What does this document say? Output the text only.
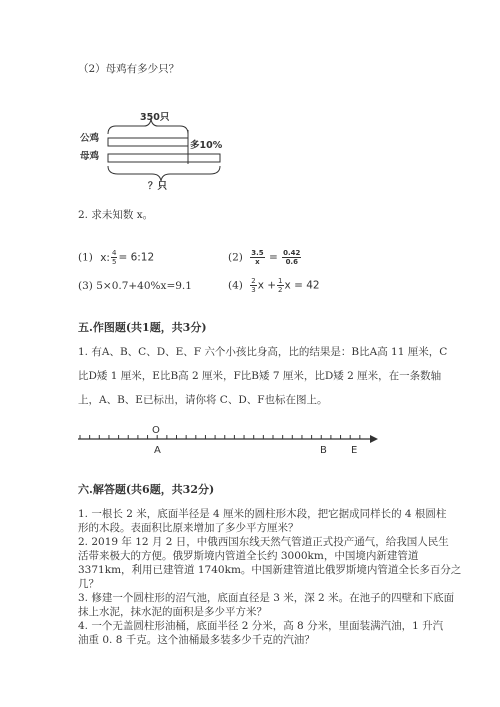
（2）母鸡有多少只？
350只
公鸡
母鸡
多10%
？只
2. 求未知数 x。
(1) x: $\frac{4}{5}$ = 6:12	$(2) \frac{3.5}{x} = \frac{0.42}{0.6}$
(3) 5×0.7+40%x=9.1	$(4) \frac{2}{3}$ $x + \frac{1}{2}$ x = 42
五.作图题(共1题，共3分)
1. 有A、B、C、D、E、F 六个小孩比身高，比的结果是：B比A高 11 厘米，C
比D矮 1 厘米，E比B高 2 厘米，F比B矮 7 厘米，比D矮 2 厘米，在一条数轴
上，A、B、E已标出，请你将 C、D、F也标在图上。
O
A	B E
六.解答题(共6题，共32分)
1. 一根长 2 米，底面半径是 4 厘米的圆柱形木段，把它据成同样长的 4 根圆柱
形的木段。表面积比原来增加了多少平方厘米？
2. 2019 年 12 月 2 日，中俄西国东线天然气管道正式投产通气，给我国人民生
活带来极大的方便。俄罗斯境内管道全长约 3000km，中国境内新建管道
3371km，利用已建管道 1740km。中国新建管道比俄罗斯境内管道全长多百分之
几？
3. 修建一个圆柱形的沼气池，底面直径是 3 米，深 2 米。在池子的四壁和下底面
抹上水泥，抹水泥的面积是多少平方米？
4. 一个无盖圆柱形油桶，底面半径 2 分米，高 8 分米，里面装满汽油，1 升汽
油重 0. 8 千克。这个油桶最多装多少千克的汽油？
